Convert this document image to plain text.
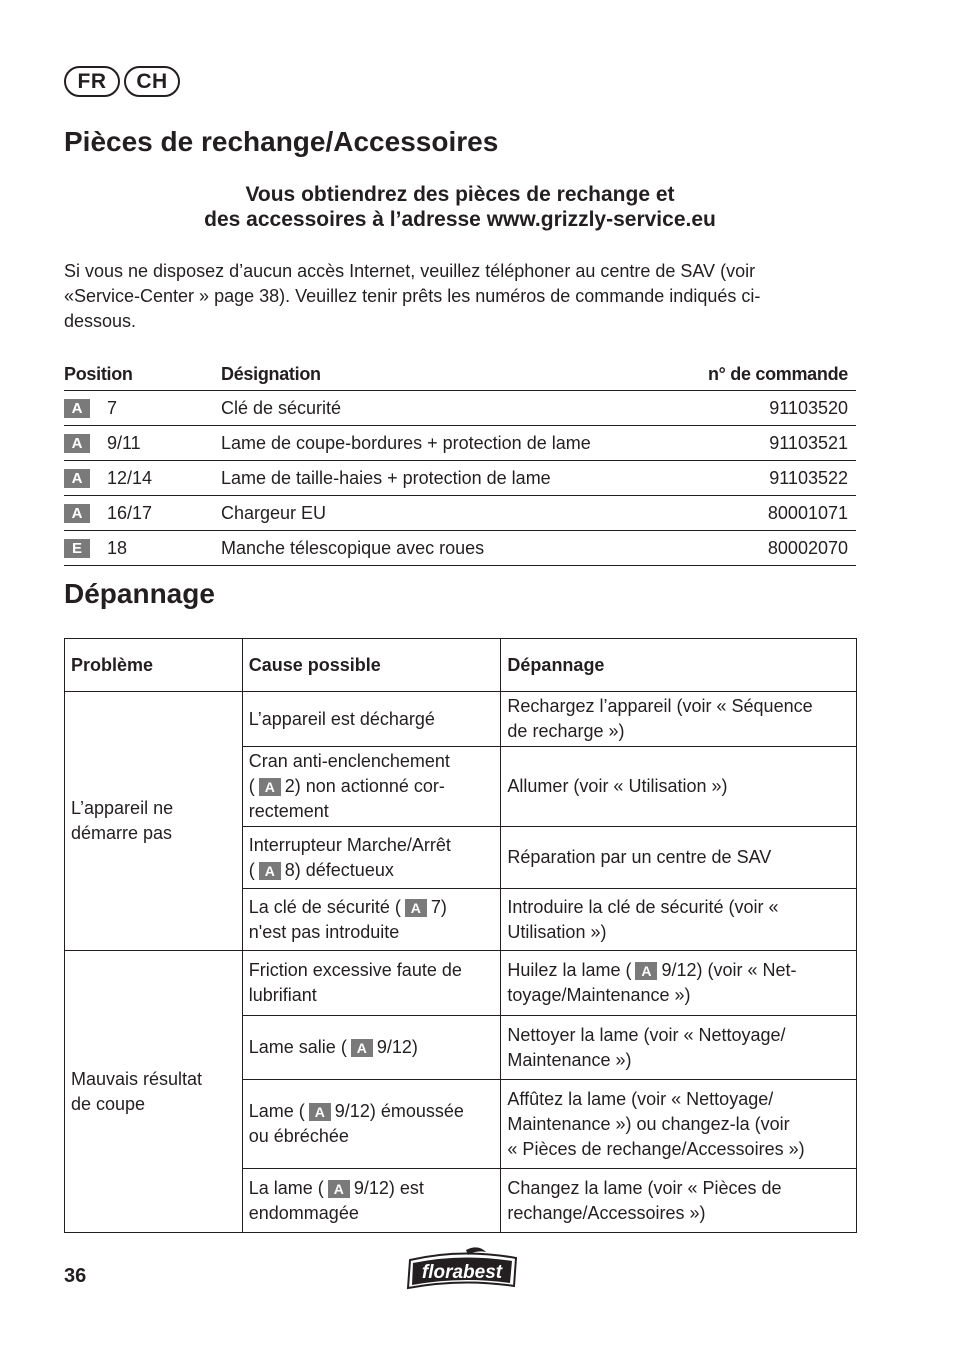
FR	CH
Pièces de rechange/Accessoires
Vous obtiendrez des pièces de rechange et
des accessoires à l’adresse www.grizzly-service.eu
Si vous ne disposez d’aucun accès Internet, veuillez téléphoner au centre de SAV (voir
«Service-Center » page 38). Veuillez tenir prêts les numéros de commande indiqués ci-
dessous.
Position	Désignation	n° de commande
A	7	Clé de sécurité	91103520
A	9/11	Lame de coupe-bordures + protection de lame	91103521
A	12/14	Lame de taille-haies + protection de lame	91103522
A	16/17	Chargeur EU	80001071
E	18	Manche télescopique avec roues	80002070
Dépannage
Problème	Cause possible	Dépannage

L’appareil ne
démarre pas	L’appareil est déchargé	Rechargez l’appareil (voir « Séquence
de recharge »)

	Cran anti-enclenchement
( A 2) non actionné cor-
rectement	Allumer (voir « Utilisation »)

	Interrupteur Marche/Arrêt
( A 8) défectueux	Réparation par un centre de SAV

	La clé de sécurité ( A 7)
n'est pas introduite	Introduire la clé de sécurité (voir «
Utilisation »)

Mauvais résultat
de coupe	Friction excessive faute de
lubrifiant	Huilez la lame ( A 9/12) (voir « Net-
toyage/Maintenance »)

	Lame salie ( A 9/12)	Nettoyer la lame (voir « Nettoyage/
Maintenance »)

	Lame ( A 9/12) émoussée
ou ébréchée	Affûtez la lame (voir « Nettoyage/
Maintenance ») ou changez-la (voir
« Pièces de rechange/Accessoires »)

	La lame ( A 9/12) est
endommagée	Changez la lame (voir « Pièces de
rechange/Accessoires »)
36	florabest
